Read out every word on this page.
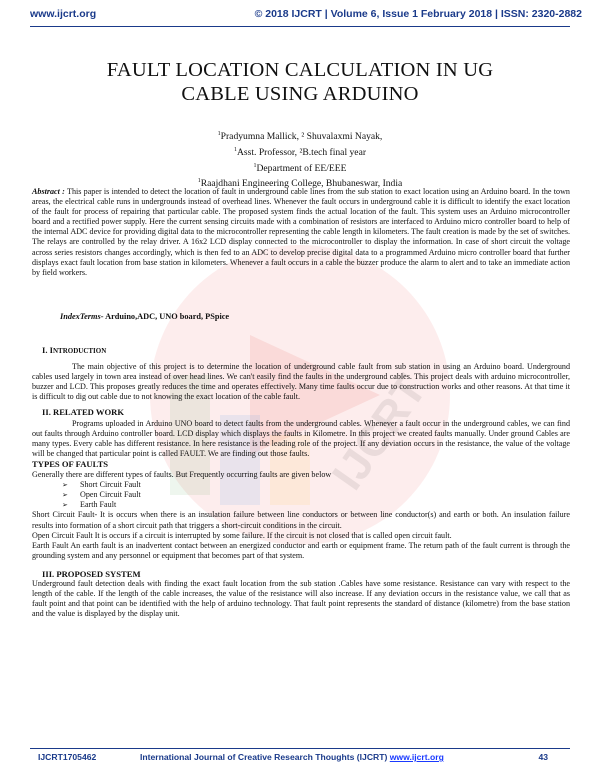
IJCRT
www.ijcrt.org	© 2018 IJCRT | Volume 6, Issue 1 February 2018 | ISSN: 2320-2882
FAULT LOCATION CALCULATION IN UG
CABLE USING ARDUINO
$^1$Pradyumna Mallick, ² Shuvalaxmi Nayak,
$^1$Asst. Professor, ²B.tech final year
$^1$Department of EE/EEE
$^1$Raajdhani Engineering College, Bhubaneswar, India
Abstract : This paper is intended to detect the location of fault in underground cable lines from the sub station to exact location using an Arduino board. In the town areas, the electrical cable runs in undergrounds instead of overhead lines. Whenever the fault occurs in underground cable it is difficult to identify the exact location of the fault for process of repairing that particular cable. The proposed system finds the actual location of the fault. This system uses an Arduino microcontroller board and a rectified power supply. Here the current sensing circuits made with a combination of resistors are interfaced to Arduino micro controller board to help of the internal ADC device for providing digital data to the microcontroller representing the cable length in kilometers. The fault creation is made by the set of switches. The relays are controlled by the relay driver. A 16x2 LCD display connected to the microcontroller to display the information. In case of short circuit the voltage across series resistors changes accordingly, which is then fed to an ADC to develop precise digital data to a programmed Arduino micro controller board that further displays exact fault location from base station in kilometers. Whenever a fault occurs in a cable the buzzer produce the alarm to alert and to take an immediate action by field workers.
IndexTerms- Arduino,ADC, UNO board, PSpice
I. INTRODUCTION

The main objective of this project is to determine the location of underground cable fault from sub station in using an Arduino board. Underground cables used largely in town area instead of over head lines. We can't easily find the faults in the underground cables. This project deals with arduino microcontroller, buzzer and LCD. This proposes greatly reduces the time and operates effectively. Many time faults occur due to construction works and other reasons. At that time it is difficult to dig out cable due to not knowing the exact location of the cable fault.

II. RELATED WORK

Programs uploaded in Arduino UNO board to detect faults from the underground cables. Whenever a fault occur in the underground cables, we can find out faults through Arduino controller board. LCD display which displays the faults in Kilometre. In this project we created faults manually. Under ground Cables are many types. Every cable has different resistance. In here resistance is the leading role of the project. If any deviation occurs in the resistance, the value of the voltage will be changed that particular point is called FAULT. We are finding out those faults.

TYPES OF FAULTS

Generally there are different types of faults. But Frequently occurring faults are given below

➢ Short Circuit Fault
➢ Open Circuit Fault
➢ Earth Fault

Short Circuit Fault- It is occurs when there is an insulation failure between line conductors or between line conductor(s) and earth or both. An insulation failure results into formation of a short circuit path that triggers a short-circuit conditions in the circuit.

Open Circuit Fault It is occurs if a circuit is interrupted by some failure. If the circuit is not closed that is called open circuit fault.

Earth Fault An earth fault is an inadvertent contact between an energized conductor and earth or equipment frame. The return path of the fault current is through the grounding system and any personnel or equipment that becomes part of that system.

III. PROPOSED SYSTEM

Underground fault detection deals with finding the exact fault location from the sub station .Cables have some resistance. Resistance can vary with respect to the length of the cable. If the length of the cable increases, the value of the resistance will also increase. If any deviation occurs in the resistance value, we call that as fault point and that point can be identified with the help of arduino technology. That fault point represents the standard of distance (kilometre) from the base station and the value is displayed by the display unit.

IJCRT1705462	International Journal of Creative Research Thoughts (IJCRT) www.ijcrt.org	43
